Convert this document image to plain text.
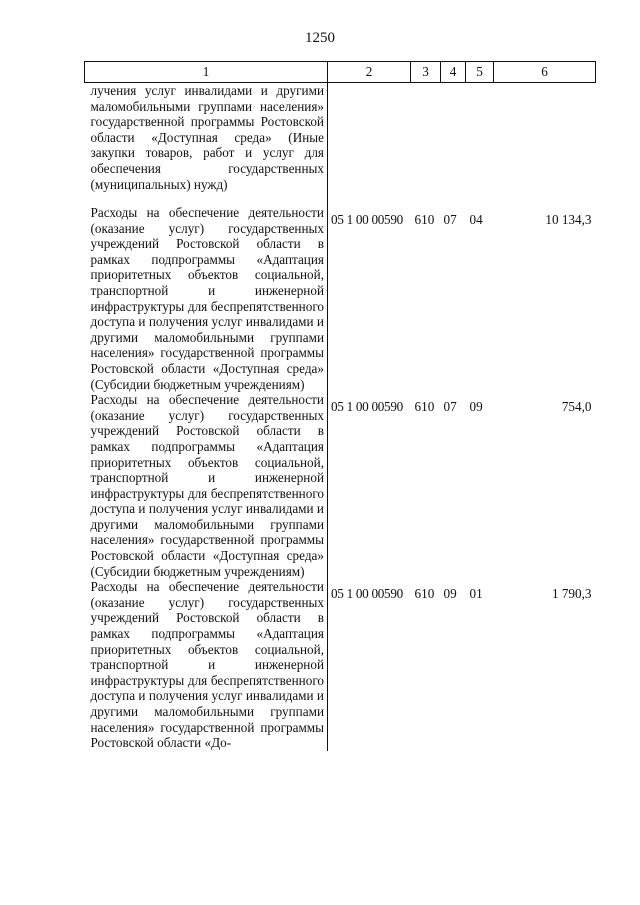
1250
1	2	3	4	5	6
лучения услуг инвалидами и другими маломобильными группами населения» государственной программы Ростовской области «Доступная среда» (Иные закупки товаров, работ и услуг для обеспечения государственных (муниципальных) нужд)					
Расходы на обеспечение деятельности (оказание услуг) государственных учреждений Ростовской области в рамках подпрограммы «Адаптация приоритетных объектов социальной, транспортной и инженерной инфраструктуры для беспрепятственного доступа и получения услуг инвалидами и другими маломобильными группами населения» государственной программы Ростовской области «Доступная среда» (Субсидии бюджетным учреждениям)	05 1 00 00590	610	07	04	10 134,3
Расходы на обеспечение деятельности (оказание услуг) государственных учреждений Ростовской области в рамках подпрограммы «Адаптация приоритетных объектов социальной, транспортной и инженерной инфраструктуры для беспрепятственного доступа и получения услуг инвалидами и другими маломобильными группами населения» государственной программы Ростовской области «Доступная среда» (Субсидии бюджетным учреждениям)	05 1 00 00590	610	07	09	754,0
Расходы на обеспечение деятельности (оказание услуг) государственных учреждений Ростовской области в рамках подпрограммы «Адаптация приоритетных объектов социальной, транспортной и инженерной инфраструктуры для беспрепятственного доступа и получения услуг инвалидами и другими маломобильными группами населения» государственной программы Ростовской области «До-	05 1 00 00590	610	09	01	1 790,3
